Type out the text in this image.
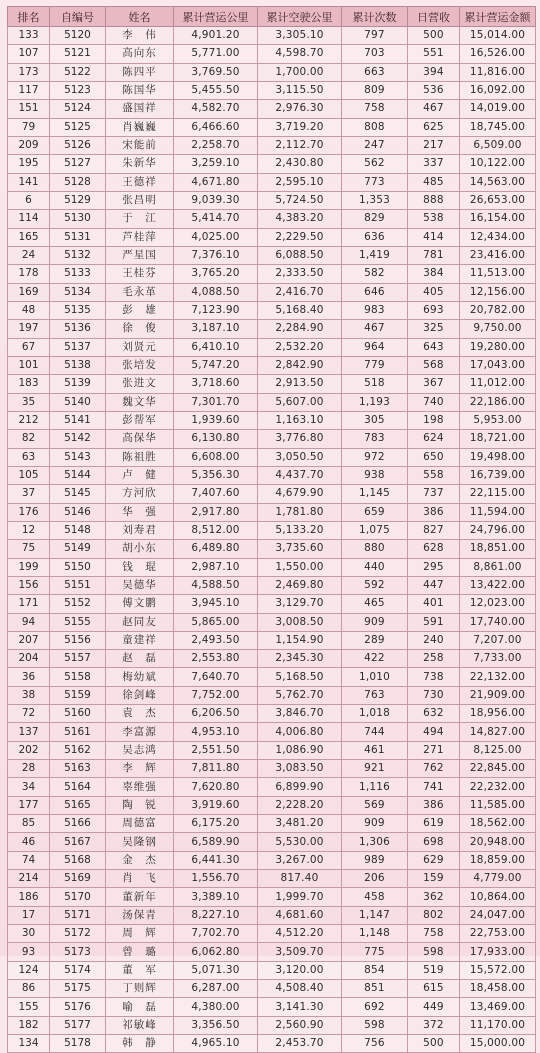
排名	自编号	姓名	累计营运公里	累计空驶公里	累计次数	日营收	累计营运金额
133	5120	李　伟	4,901.20	3,305.10	797	500	15,014.00
107	5121	高向东	5,771.00	4,598.70	703	551	16,526.00
173	5122	陈四平	3,769.50	1,700.00	663	394	11,816.00
117	5123	陈国华	5,455.50	3,115.50	809	536	16,092.00
151	5124	盛国祥	4,582.70	2,976.30	758	467	14,019.00
79	5125	肖巍巍	6,466.60	3,719.20	808	625	18,745.00
209	5126	宋能前	2,258.70	2,112.70	247	217	6,509.00
195	5127	朱新华	3,259.10	2,430.80	562	337	10,122.00
141	5128	王德祥	4,671.80	2,595.10	773	485	14,563.00
6	5129	张昌明	9,039.30	5,724.50	1,353	888	26,653.00
114	5130	于　江	5,414.70	4,383.20	829	538	16,154.00
165	5131	芦桂萍	4,025.00	2,229.50	636	414	12,434.00
24	5132	严星国	7,376.10	6,088.50	1,419	781	23,416.00
178	5133	王桂芬	3,765.20	2,333.50	582	384	11,513.00
169	5134	毛永革	4,088.50	2,416.70	646	405	12,156.00
48	5135	彭　雄	7,123.90	5,168.40	983	693	20,782.00
197	5136	徐　俊	3,187.10	2,284.90	467	325	9,750.00
67	5137	刘贤元	6,410.10	2,532.20	964	643	19,280.00
101	5138	张培发	5,747.20	2,842.90	779	568	17,043.00
183	5139	张进文	3,718.60	2,913.50	518	367	11,012.00
35	5140	魏文华	7,301.70	5,607.00	1,193	740	22,186.00
212	5141	彭帮军	1,939.60	1,163.10	305	198	5,953.00
82	5142	高保华	6,130.80	3,776.80	783	624	18,721.00
63	5143	陈祖胜	6,608.00	3,050.50	972	650	19,498.00
105	5144	卢　健	5,356.30	4,437.70	938	558	16,739.00
37	5145	方河欣	7,407.60	4,679.90	1,145	737	22,115.00
176	5146	华　强	2,917.80	1,781.80	659	386	11,594.00
12	5148	刘寿君	8,512.00	5,133.20	1,075	827	24,796.00
75	5149	胡小东	6,489.80	3,735.60	880	628	18,851.00
199	5150	钱　琨	2,987.10	1,550.00	440	295	8,861.00
156	5151	吴德华	4,588.50	2,469.80	592	447	13,422.00
171	5152	傅文鹏	3,945.10	3,129.70	465	401	12,023.00
94	5155	赵同友	5,865.00	3,008.50	909	591	17,740.00
207	5156	童建祥	2,493.50	1,154.90	289	240	7,207.00
204	5157	赵　磊	2,553.80	2,345.30	422	258	7,733.00
36	5158	梅幼斌	7,640.70	5,168.50	1,010	738	22,132.00
38	5159	徐剑峰	7,752.00	5,762.70	763	730	21,909.00
72	5160	袁　杰	6,206.50	3,846.70	1,018	632	18,956.00
137	5161	李富源	4,953.10	4,006.80	744	494	14,827.00
202	5162	吴志鸿	2,551.50	1,086.90	461	271	8,125.00
28	5163	李　辉	7,811.80	3,083.50	921	762	22,845.00
34	5164	辜维强	7,620.80	6,899.90	1,116	741	22,232.00
177	5165	陶　锐	3,919.60	2,228.20	569	386	11,585.00
85	5166	周德富	6,175.20	3,481.20	909	619	18,562.00
46	5167	吴隆钢	6,589.90	5,530.00	1,306	698	20,948.00
74	5168	金　杰	6,441.30	3,267.00	989	629	18,859.00
214	5169	肖　飞	1,556.70	817.40	206	159	4,779.00
186	5170	董新年	3,389.10	1,999.70	458	362	10,864.00
17	5171	汤保青	8,227.10	4,681.60	1,147	802	24,047.00
30	5172	周　辉	7,702.70	4,512.20	1,148	758	22,753.00
93	5173	曾　璐	6,062.80	3,509.70	775	598	17,933.00
124	5174	董　军	5,071.30	3,120.00	854	519	15,572.00
86	5175	丁则辉	6,287.00	4,508.40	851	615	18,458.00
155	5176	喻　磊	4,380.00	3,141.30	692	449	13,469.00
182	5177	祁敏峰	3,356.50	2,560.90	598	372	11,170.00
134	5178	韩　静	4,965.10	2,453.70	756	500	15,000.00
